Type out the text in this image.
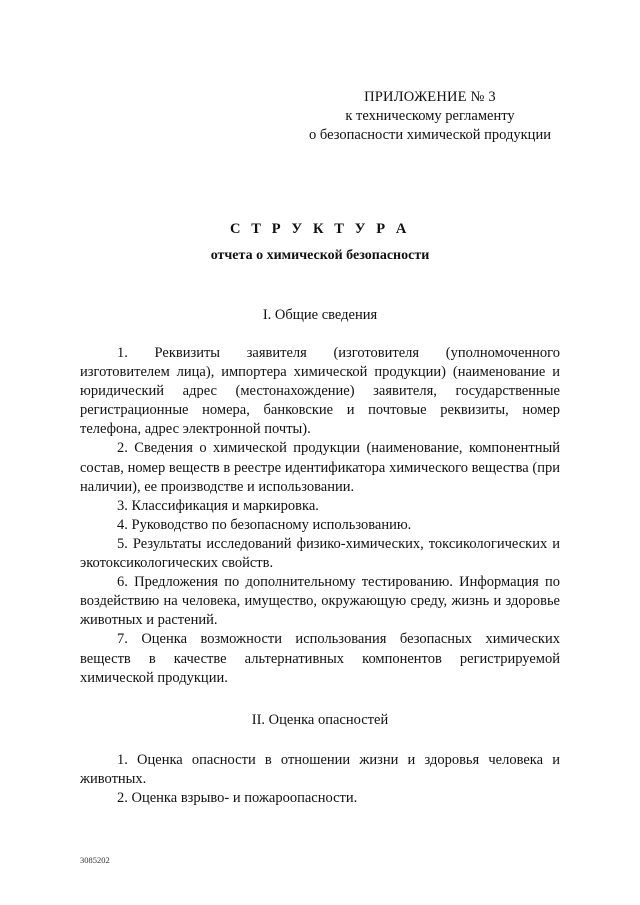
ПРИЛОЖЕНИЕ № 3
к техническому регламенту
о безопасности химической продукции
С Т Р У К Т У Р А
отчета о химической безопасности
I. Общие сведения

1. Реквизиты заявителя (изготовителя (уполномоченного изготовителем лица), импортера химической продукции) (наименование и юридический адрес (местонахождение) заявителя, государственные регистрационные номера, банковские и почтовые реквизиты, номер телефона, адрес электронной почты).

2. Сведения о химической продукции (наименование, компонентный состав, номер веществ в реестре идентификатора химического вещества (при наличии), ее производстве и использовании.

3. Классификация и маркировка.

4. Руководство по безопасному использованию.

5. Результаты исследований физико-химических, токсикологических и экотоксикологических свойств.

6. Предложения по дополнительному тестированию. Информация по воздействию на человека, имущество, окружающую среду, жизнь и здоровье животных и растений.

7. Оценка возможности использования безопасных химических веществ в качестве альтернативных компонентов регистрируемой химической продукции.

II. Оценка опасностей

1. Оценка опасности в отношении жизни и здоровья человека и животных.

2. Оценка взрыво- и пожароопасности.

3085202
